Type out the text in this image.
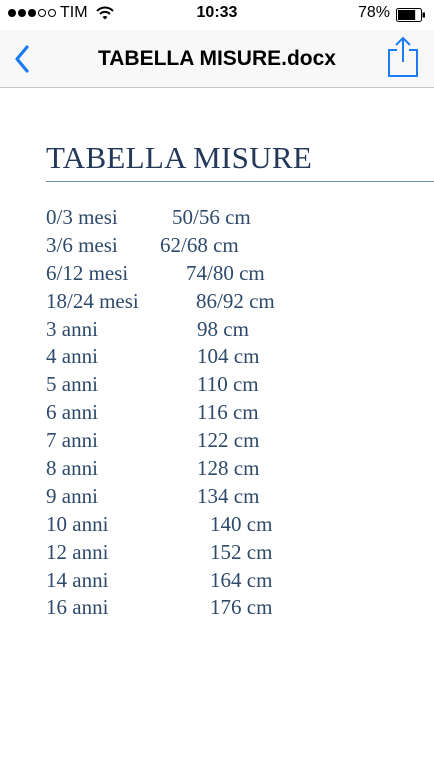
TIM	10:33	78%
TABELLA MISURE.docx
TABELLA MISURE
0/3 mesi	50/56 cm
3/6 mesi 62/68 cm
6/12 mesi	74/80 cm
18/24 mesi	86/92 cm
3 anni	98 cm
4 anni	104 cm
5 anni	110 cm
6 anni	116 cm
7 anni	122 cm
8 anni	128 cm
9 anni	134 cm
10 anni	140 cm
12 anni	152 cm
14 anni	164 cm
16 anni	176 cm
